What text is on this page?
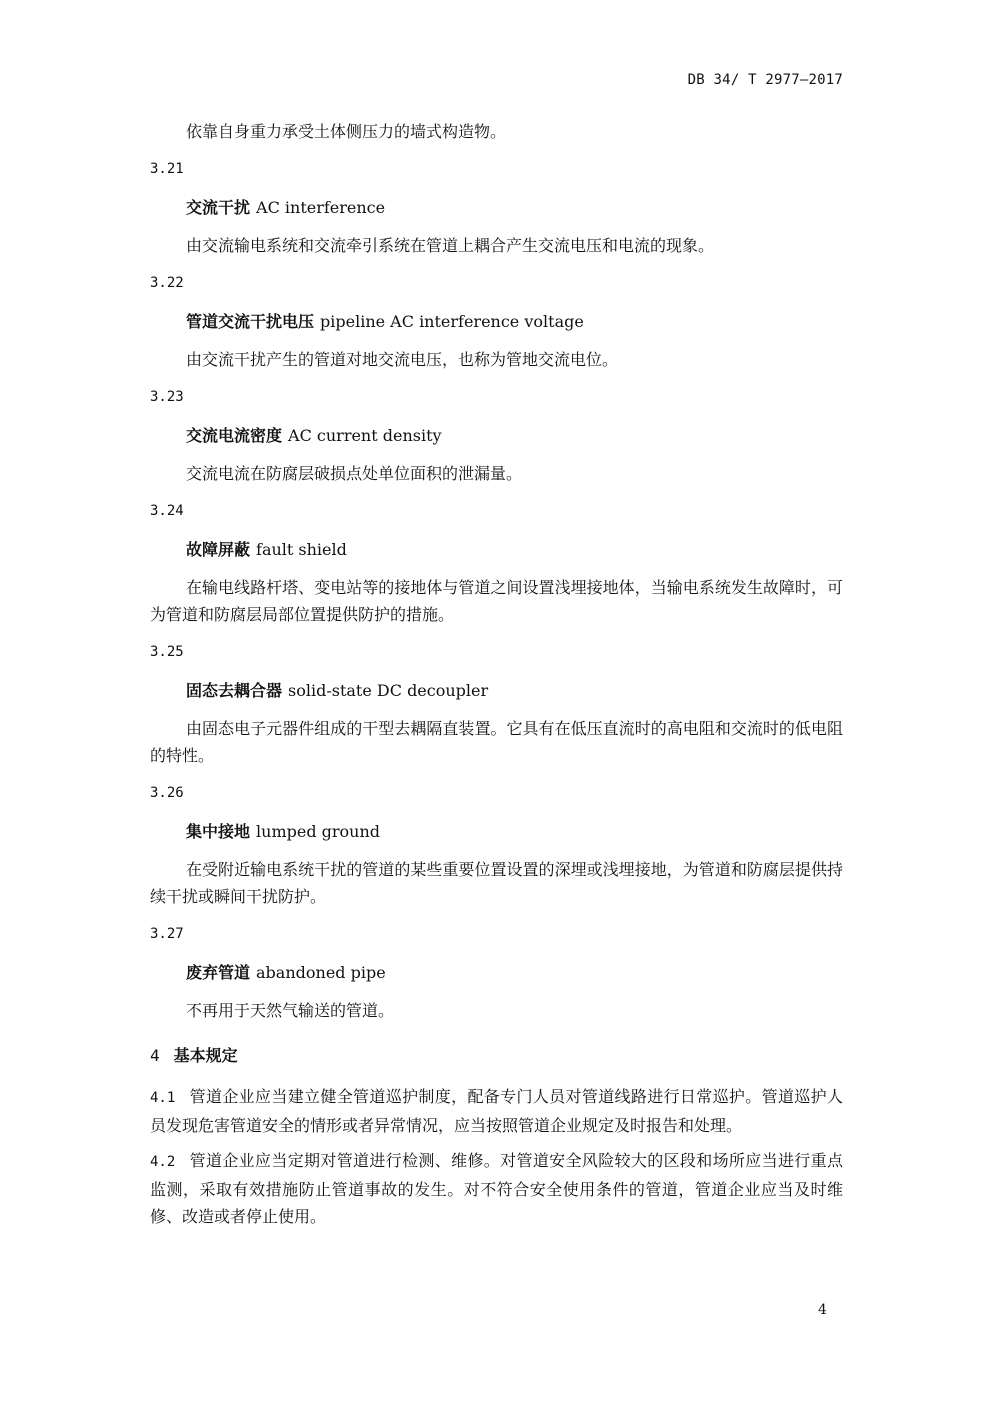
DB 34/ T 2977—2017

依靠自身重力承受土体侧压力的墙式构造物。

3.21
交流干扰 AC interference

由交流输电系统和交流牵引系统在管道上耦合产生交流电压和电流的现象。

3.22
管道交流干扰电压 pipeline AC interference voltage

由交流干扰产生的管道对地交流电压，也称为管地交流电位。

3.23
交流电流密度 AC current density

交流电流在防腐层破损点处单位面积的泄漏量。

3.24
故障屏蔽 fault shield

在输电线路杆塔、变电站等的接地体与管道之间设置浅埋接地体，当输电系统发生故障时，可为管道和防腐层局部位置提供防护的措施。

3.25
固态去耦合器 solid-state DC decoupler

由固态电子元器件组成的干型去耦隔直装置。它具有在低压直流时的高电阻和交流时的低电阻的特性。

3.26
集中接地 lumped ground

在受附近输电系统干扰的管道的某些重要位置设置的深埋或浅埋接地，为管道和防腐层提供持续干扰或瞬间干扰防护。

3.27
废弃管道 abandoned pipe

不再用于天然气输送的管道。

4 基本规定

4.1 管道企业应当建立健全管道巡护制度，配备专门人员对管道线路进行日常巡护。管道巡护人员发现危害管道安全的情形或者异常情况，应当按照管道企业规定及时报告和处理。

4.2 管道企业应当定期对管道进行检测、维修。对管道安全风险较大的区段和场所应当进行重点监测，采取有效措施防止管道事故的发生。对不符合安全使用条件的管道，管道企业应当及时维修、改造或者停止使用。

4
